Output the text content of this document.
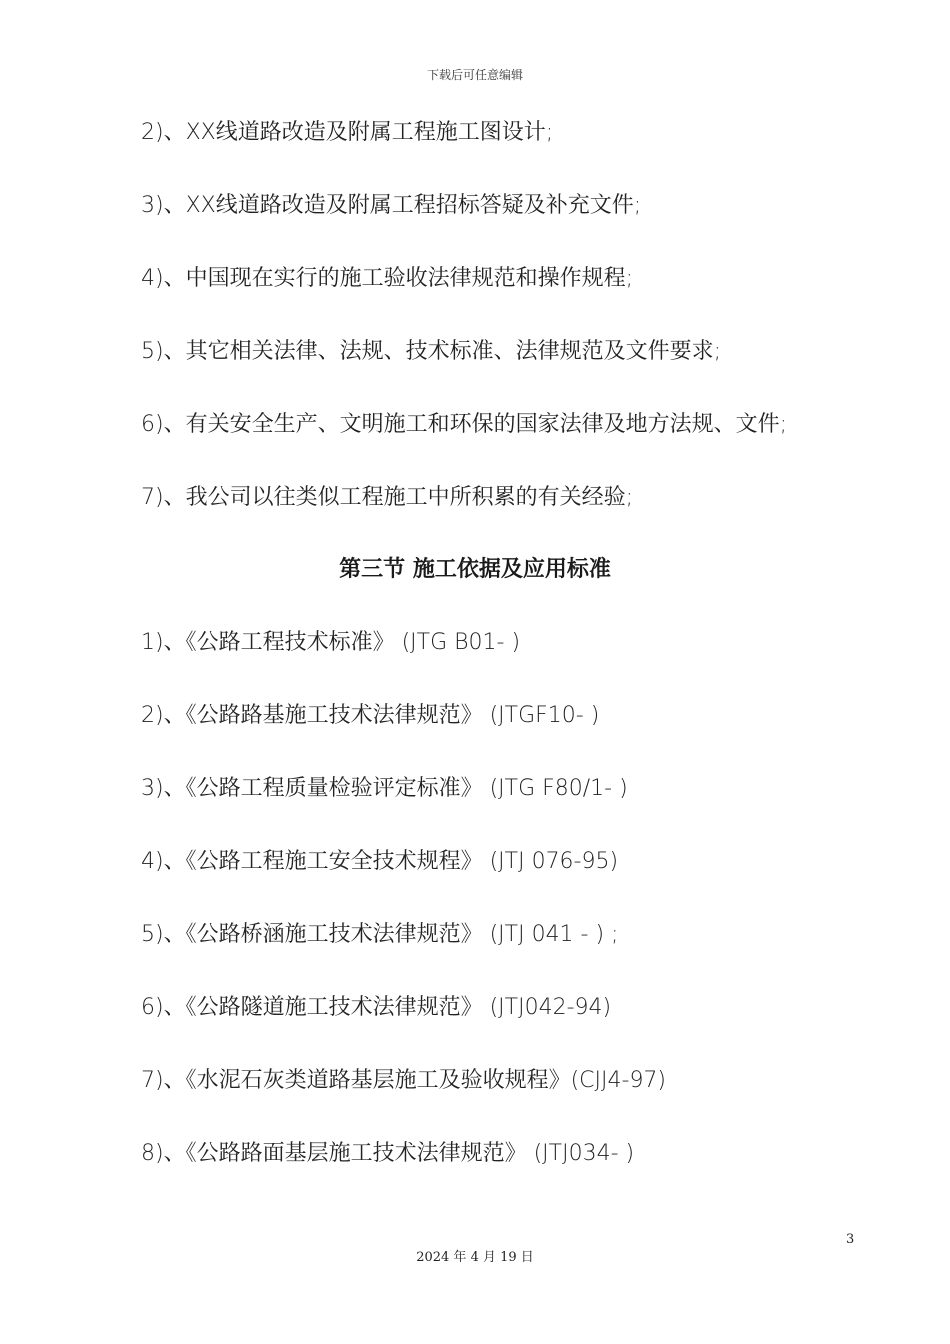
下载后可任意编辑
2)、XX线道路改造及附属工程施工图设计;
3)、XX线道路改造及附属工程招标答疑及补充文件;
4)、中国现在实行的施工验收法律规范和操作规程;
5)、其它相关法律、法规、技术标准、法律规范及文件要求;
6)、有关安全生产、文明施工和环保的国家法律及地方法规、文件;
7)、我公司以往类似工程施工中所积累的有关经验;
第三节 施工依据及应用标准
1)、《公路工程技术标准》 (JTG B01- )
2)、《公路路基施工技术法律规范》 (JTGF10- )
3)、《公路工程质量检验评定标准》 (JTG F80/1- )
4)、《公路工程施工安全技术规程》 (JTJ 076-95)
5)、《公路桥涵施工技术法律规范》 (JTJ 041 - ) ;
6)、《公路隧道施工技术法律规范》 (JTJ042-94)
7)、《水泥石灰类道路基层施工及验收规程》(CJJ4-97)
8)、《公路路面基层施工技术法律规范》 (JTJ034- )
3
2024 年 4 月 19 日
